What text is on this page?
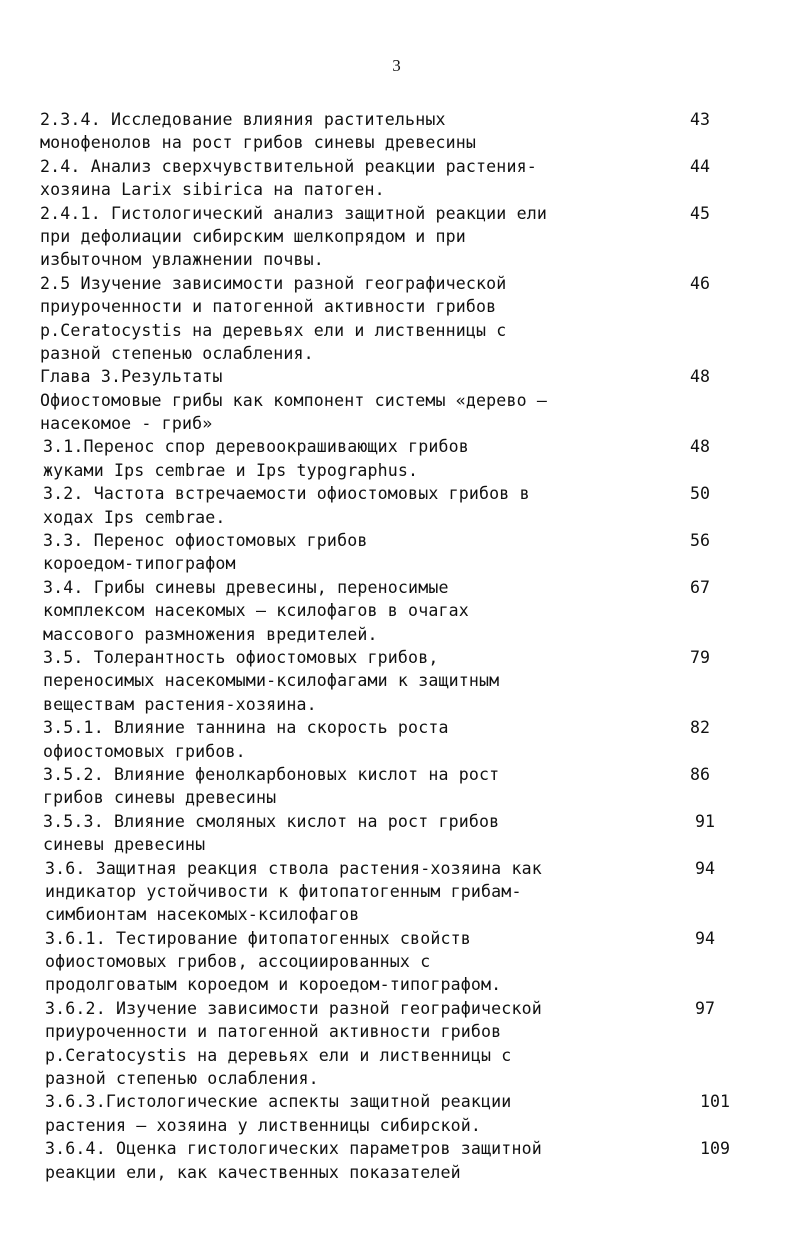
3
2.3.4. Исследование влияния растительных
монофенолов на рост грибов синевы древесины
43
2.4. Анализ сверхчувствительной реакции растения-
хозяина Larix sibirica на патоген.
44
2.4.1. Гистологический анализ защитной реакции ели
при дефолиации сибирским шелкопрядом и при
избыточном увлажнении почвы.
45
2.5 Изучение зависимости разной географической
приуроченности и патогенной активности грибов
р.Ceratocystis на деревьях ели и лиственницы с
разной степенью ослабления.
46
Глава 3.Результаты
Офиостомовые грибы как компонент системы «дерево –
насекомое - гриб»
48
3.1.Перенос спор деревоокрашивающих грибов
жуками Ips cembrae и Ips typographus.
48
3.2. Частота встречаемости офиостомовых грибов в
ходах Ips cembrae.
50
3.3. Перенос офиостомовых грибов
короедом-типографом
56
3.4. Грибы синевы древесины, переносимые
комплексом насекомых – ксилофагов в очагах
массового размножения вредителей.
67
3.5. Толерантность офиостомовых грибов,
переносимых насекомыми-ксилофагами к защитным
веществам растения-хозяина.
79
3.5.1. Влияние таннина на скорость роста
офиостомовых грибов.
82
3.5.2. Влияние фенолкарбоновых кислот на рост
грибов синевы древесины
86
3.5.3. Влияние смоляных кислот на рост грибов
синевы древесины
91
3.6. Защитная реакция ствола растения-хозяина как
индикатор устойчивости к фитопатогенным грибам-
симбионтам насекомых-ксилофагов
94
3.6.1. Тестирование фитопатогенных свойств
офиостомовых грибов, ассоциированных с
продолговатым короедом и короедом-типографом.
94
3.6.2. Изучение зависимости разной географической
приуроченности и патогенной активности грибов
р.Ceratocystis на деревьях ели и лиственницы с
разной степенью ослабления.
97
3.6.3.Гистологические аспекты защитной реакции
растения – хозяина у лиственницы сибирской.
101
3.6.4. Оценка гистологических параметров защитной
реакции ели, как качественных показателей
109
